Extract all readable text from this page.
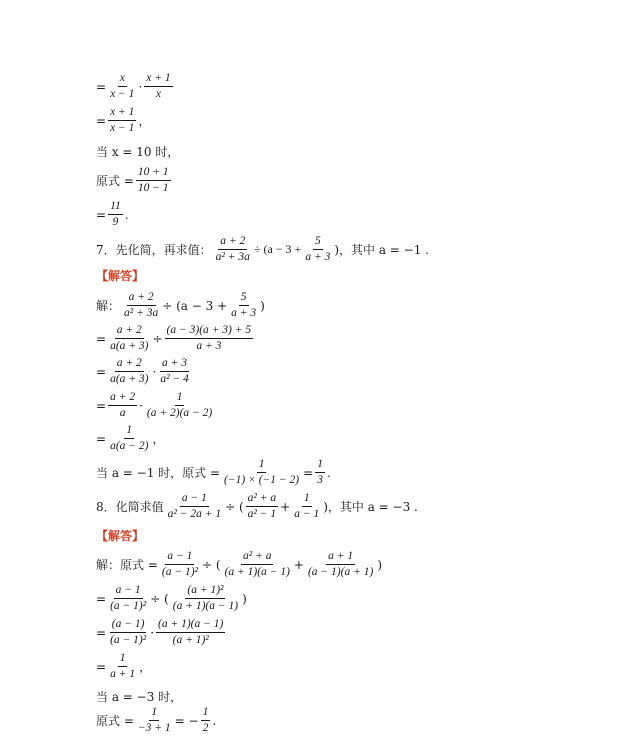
= $\frac{x}{x - 1} \cdot \frac{x + 1}{x}$
= $\frac{x + 1}{x - 1}$ ，
当 x = 10 时，
原式 = $\frac{10 + 1}{10 - 1}$
= $\frac{11}{9}$ .
7．先化简，再求值： $\frac{a + 2}{\text{a² + 3a}} \div (a - 3 + \frac{5}{a + 3}$ )，其中 a = −1 .
【解答】
解： $\frac{a + 2}{\text{a² + 3a}} \div (a - 3 + \frac{5}{a + 3}$ )
= $\frac{a + 2}{a(a + 3)} \div \frac{(a - 3)(a + 3) + 5}{a + 3}$
= $\frac{a + 2}{a(a + 3)} \cdot \frac{a + 3}{\text{a² − 4}}$
= $\frac{a + 2}{a} \cdot \frac{1}{(a + 2)(a - 2)}$
= $\frac{1}{a(a - 2)}$ ，
当 a = −1 时，原式 = $\frac{1}{(-1) \times (-1 - 2)} = \frac{1}{3}$ .
8．化简求值 $\frac{a - 1}{\text{a² − 2a + 1}}$ ÷ ( $\frac{\text{a² + a}}{\text{a² − 1}} + \frac{1}{a - 1}$ )，其中 a = −3 .
【解答】
解：原式 = $\frac{a - 1}{\text{(a − 1)²}}$ ÷ ( $\frac{\text{a² + a}}{(a + 1)(a - 1)} + \frac{a + 1}{(a - 1)(a + 1)}$ )
= $\frac{a - 1}{\text{(a − 1)²}}$ ÷ ( $\frac{\text{(a + 1)²}}{(a + 1)(a - 1)}$ )
= $\frac{(a - 1)}{\text{(a − 1)²}} \cdot \frac{(a + 1)(a - 1)}{\text{(a + 1)²}}$
= $\frac{1}{a + 1}$ ，
当 a = −3 时，
原式 = $\frac{1}{-3 + 1}$ = − $\frac{1}{2}$ .
